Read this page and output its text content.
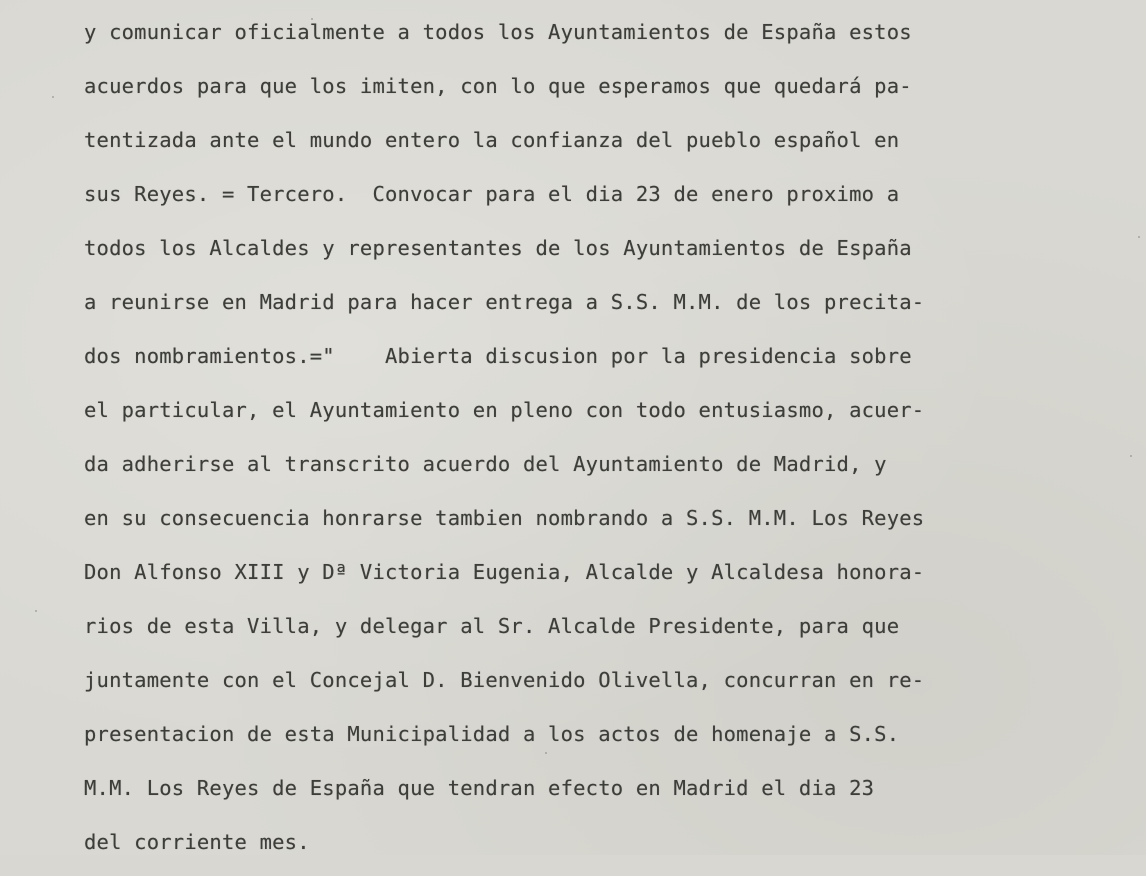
y comunicar oficialmente a todos los Ayuntamientos de España estos
acuerdos para que los imiten, con lo que esperamos que quedará pa-
tentizada ante el mundo entero la confianza del pueblo español en
sus Reyes. = Tercero.  Convocar para el dia 23 de enero proximo a
todos los Alcaldes y representantes de los Ayuntamientos de España
a reunirse en Madrid para hacer entrega a S.S. M.M. de los precita-
dos nombramientos.="    Abierta discusion por la presidencia sobre
el particular, el Ayuntamiento en pleno con todo entusiasmo, acuer-
da adherirse al transcrito acuerdo del Ayuntamiento de Madrid, y
en su consecuencia honrarse tambien nombrando a S.S. M.M. Los Reyes
Don Alfonso XIII y Dª Victoria Eugenia, Alcalde y Alcaldesa honora-
rios de esta Villa, y delegar al Sr. Alcalde Presidente, para que
juntamente con el Concejal D. Bienvenido Olivella, concurran en re-
presentacion de esta Municipalidad a los actos de homenaje a S.S.
M.M. Los Reyes de España que tendran efecto en Madrid el dia 23
del corriente mes.
